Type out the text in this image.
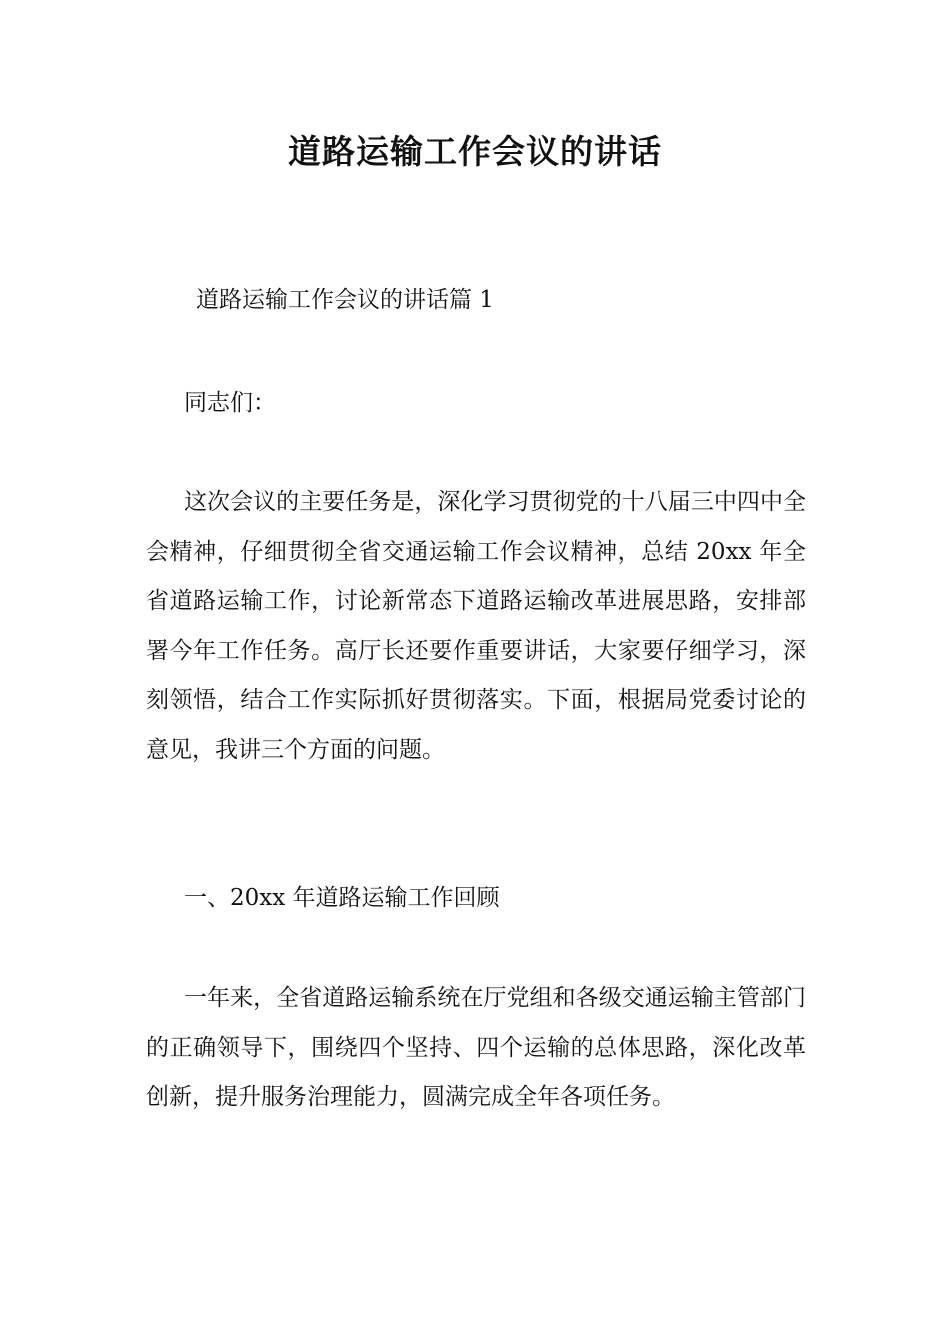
道路运输工作会议的讲话

道路运输工作会议的讲话篇 1

同志们：

这次会议的主要任务是，深化学习贯彻党的十八届三中四中全会精神，仔细贯彻全省交通运输工作会议精神，总结 20xx 年全省道路运输工作，讨论新常态下道路运输改革进展思路，安排部署今年工作任务。高厅长还要作重要讲话，大家要仔细学习，深刻领悟，结合工作实际抓好贯彻落实。下面，根据局党委讨论的意见，我讲三个方面的问题。

一、20xx 年道路运输工作回顾

一年来，全省道路运输系统在厅党组和各级交通运输主管部门的正确领导下，围绕四个坚持、四个运输的总体思路，深化改革创新，提升服务治理能力，圆满完成全年各项任务。
